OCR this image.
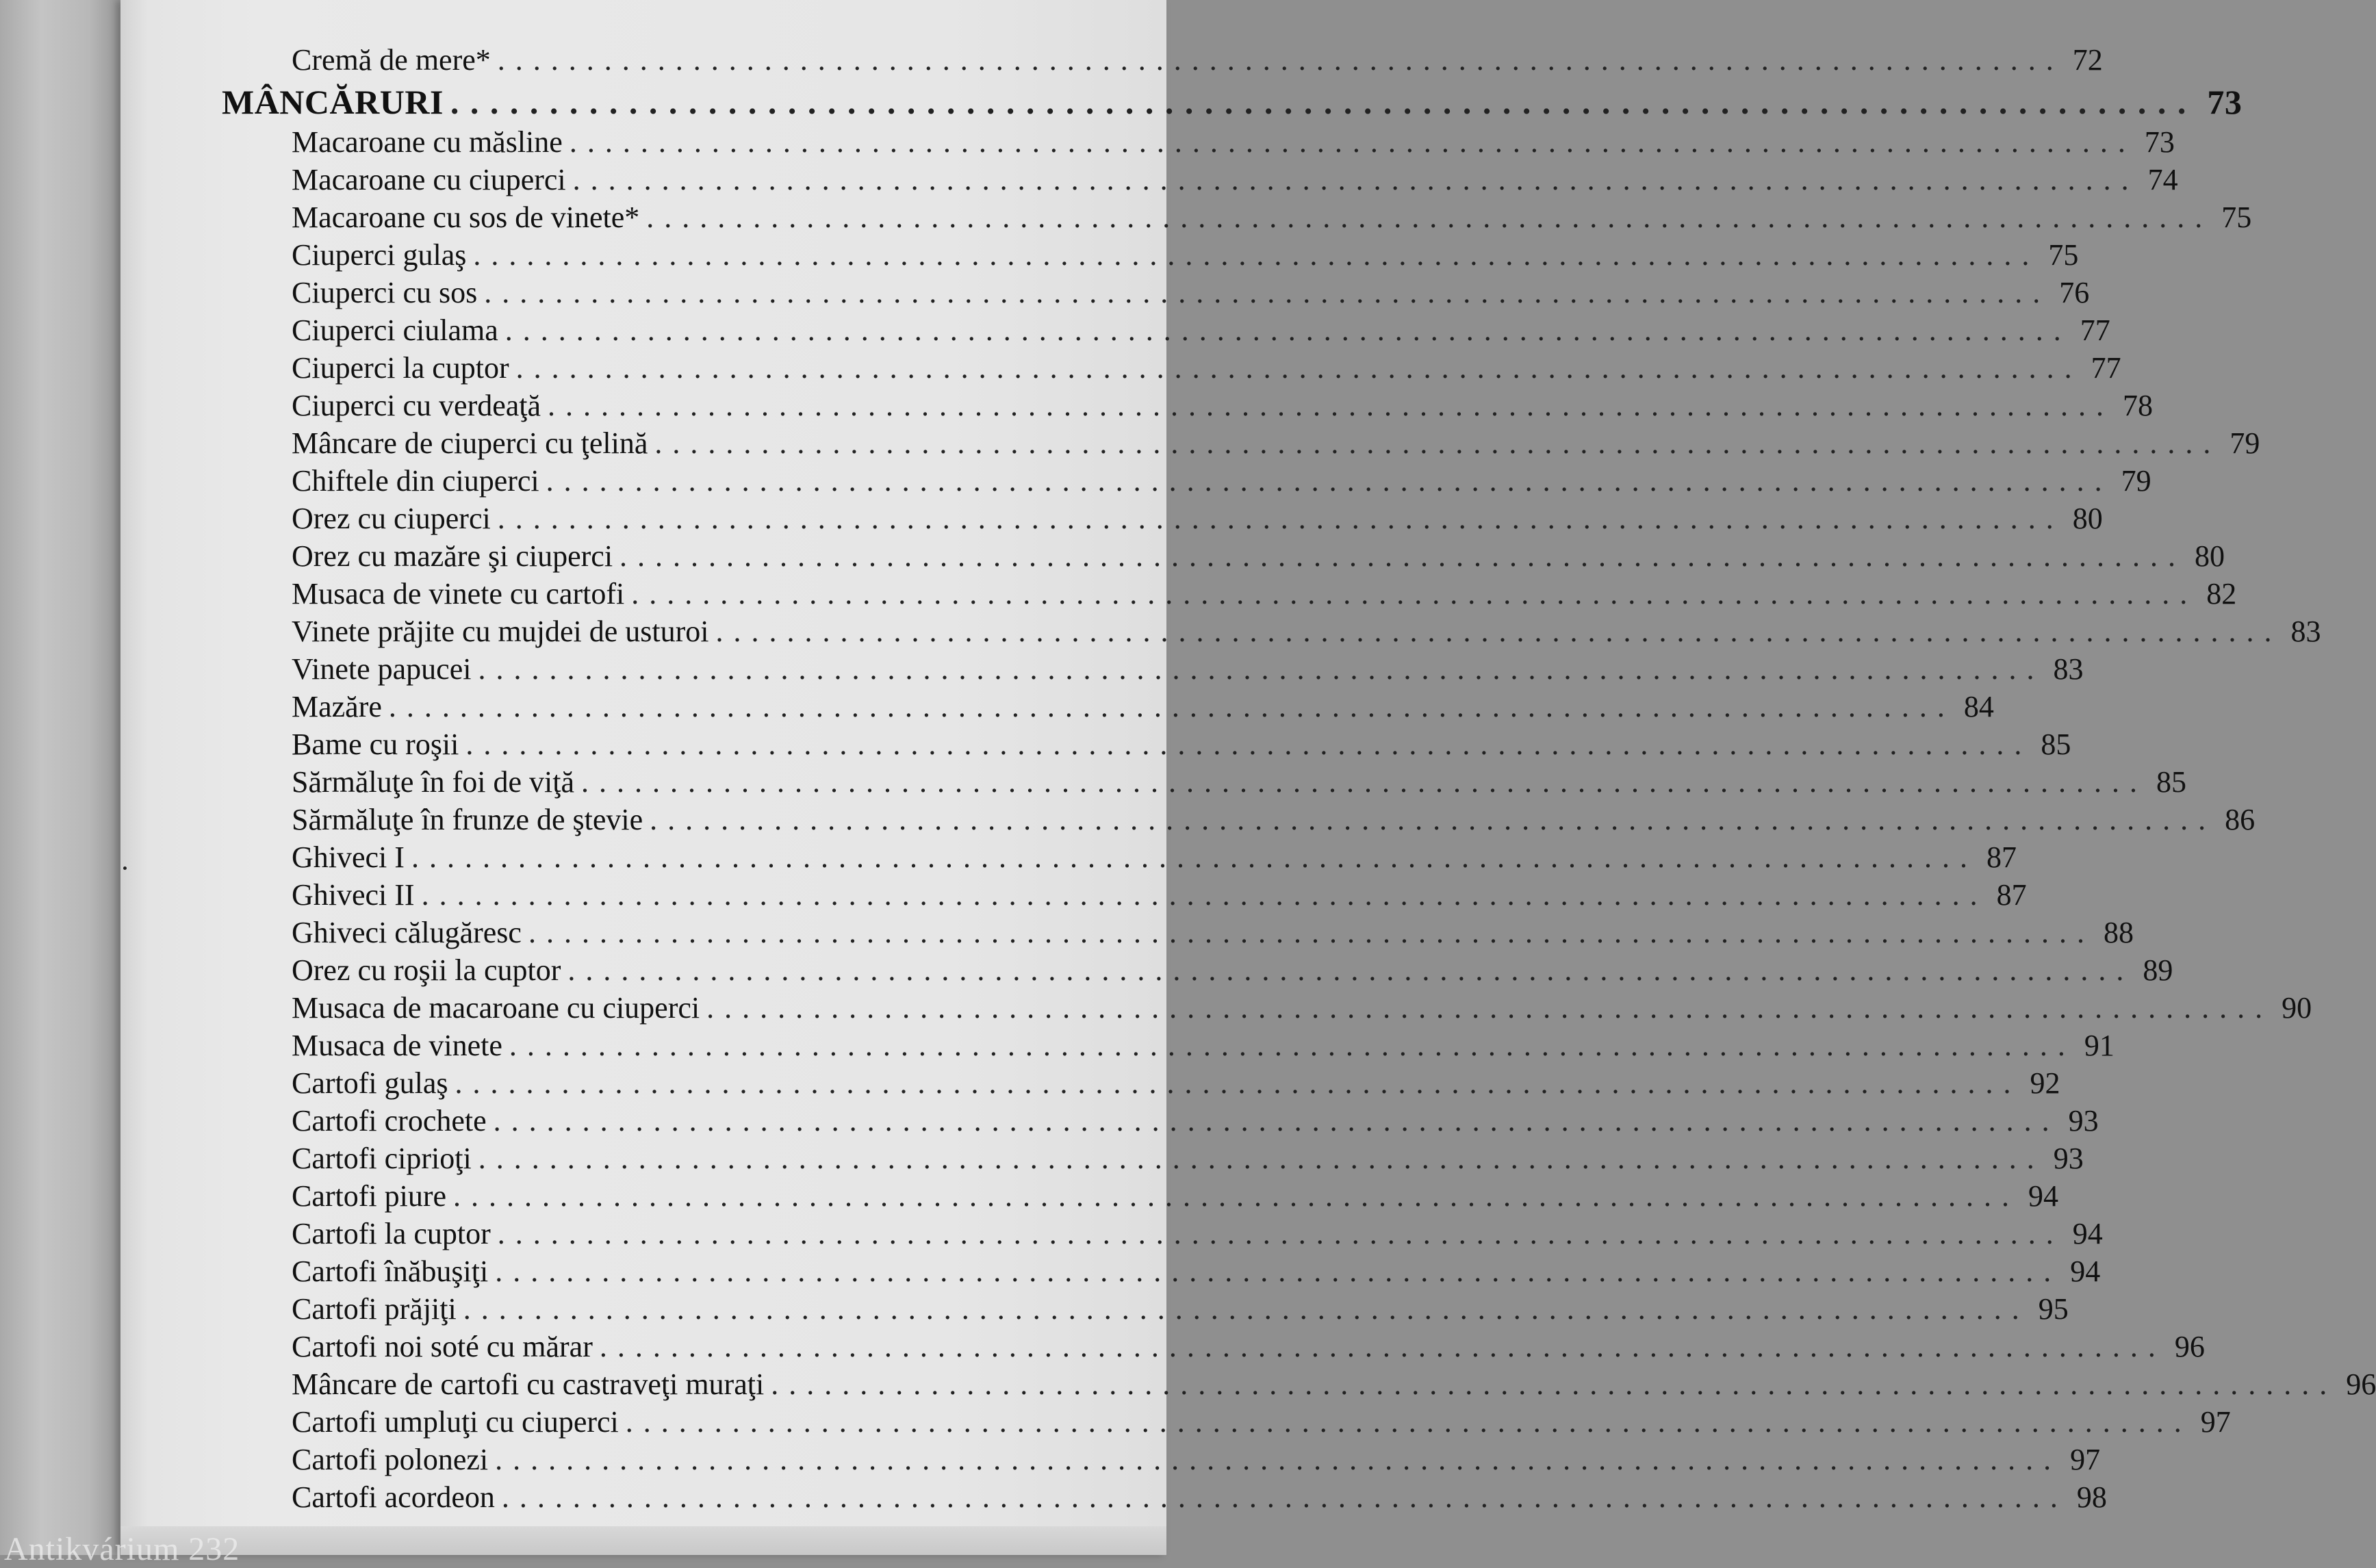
Cremă de mere* . . .	72
MÂNCĂRURI . . .	73
Macaroane cu măsline . . .	73
Macaroane cu ciuperci . . .	74
Macaroane cu sos de vinete* . . .	75
Ciuperci gulaş . . .	75
Ciuperci cu sos . . .	76
Ciuperci ciulama . . .	77
Ciuperci la cuptor . . .	77
Ciuperci cu verdeaţă . . .	78
Mâncare de ciuperci cu ţelină . . .	79
Chiftele din ciuperci . . .	79
Orez cu ciuperci . . .	80
Orez cu mazăre şi ciuperci . . .	80
Musaca de vinete cu cartofi . . .	82
Vinete prăjite cu mujdei de usturoi . . .	83
Vinete papucei . . .	83
Mazăre . . .	84
Bame cu roşii . . .	85
Sărmăluţe în foi de viţă . . .	85
Sărmăluţe în frunze de ştevie . . .	86
Ghiveci I . . .	87
Ghiveci II . . .	87
Ghiveci călugăresc . . .	88
Orez cu roşii la cuptor . . .	89
Musaca de macaroane cu ciuperci . . .	90
Musaca de vinete . . .	91
Cartofi gulaş . . .	92
Cartofi crochete . . .	93
Cartofi ciprioţi . . .	93
Cartofi piure . . .	94
Cartofi la cuptor . . .	94
Cartofi înăbuşiţi . . .	94
Cartofi prăjiţi . . .	95
Cartofi noi soté cu mărar . . .	96
Mâncare de cartofi cu castraveţi muraţi . . .	96
Cartofi umpluţi cu ciuperci . . .	97
Cartofi polonezi . . .	97
Cartofi acordeon . . .	98
Antikvárium 232
